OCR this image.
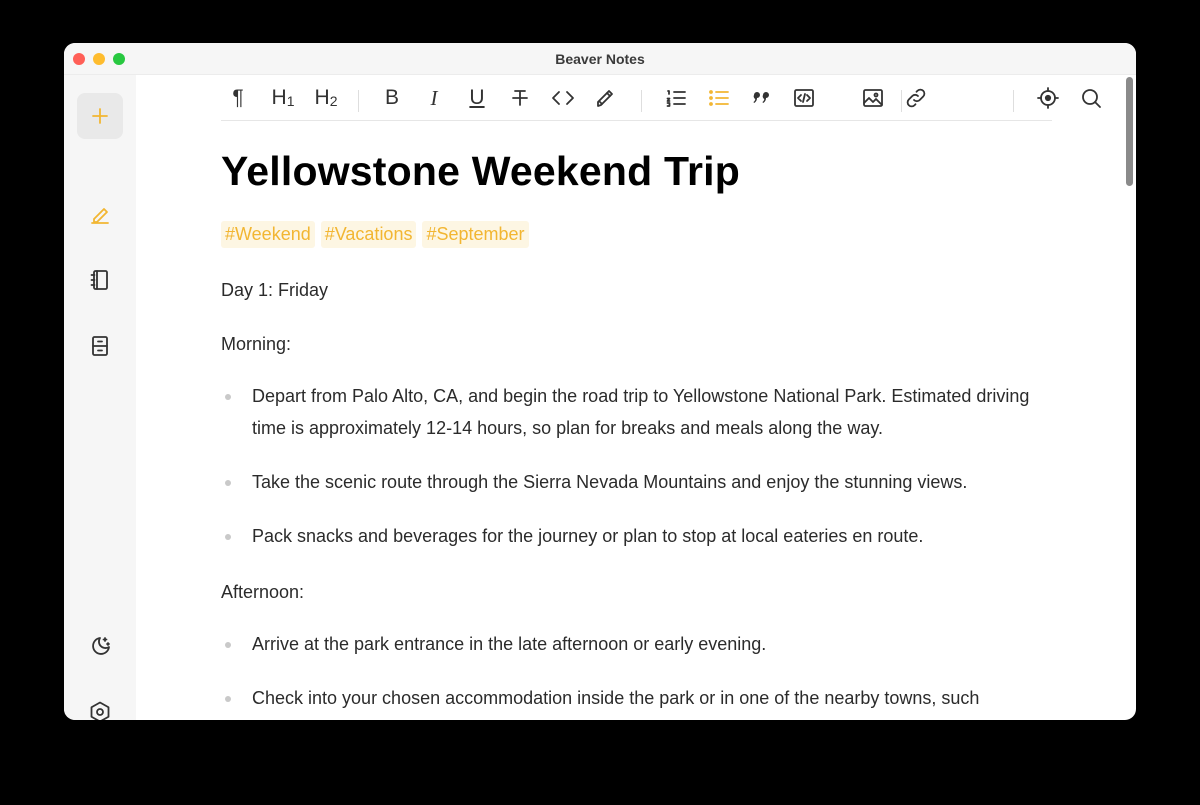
Beaver Notes
¶ $H_1$ $H_2$ B I U
Yellowstone Weekend Trip
#Weekend #Vacations #September

Day 1: Friday

Morning:

Depart from Palo Alto, CA, and begin the road trip to Yellowstone National Park. Estimated driving time is approximately 12-14 hours, so plan for breaks and meals along the way.
Take the scenic route through the Sierra Nevada Mountains and enjoy the stunning views.
Pack snacks and beverages for the journey or plan to stop at local eateries en route.

Afternoon:

Arrive at the park entrance in the late afternoon or early evening.
Check into your chosen accommodation inside the park or in one of the nearby towns, such
